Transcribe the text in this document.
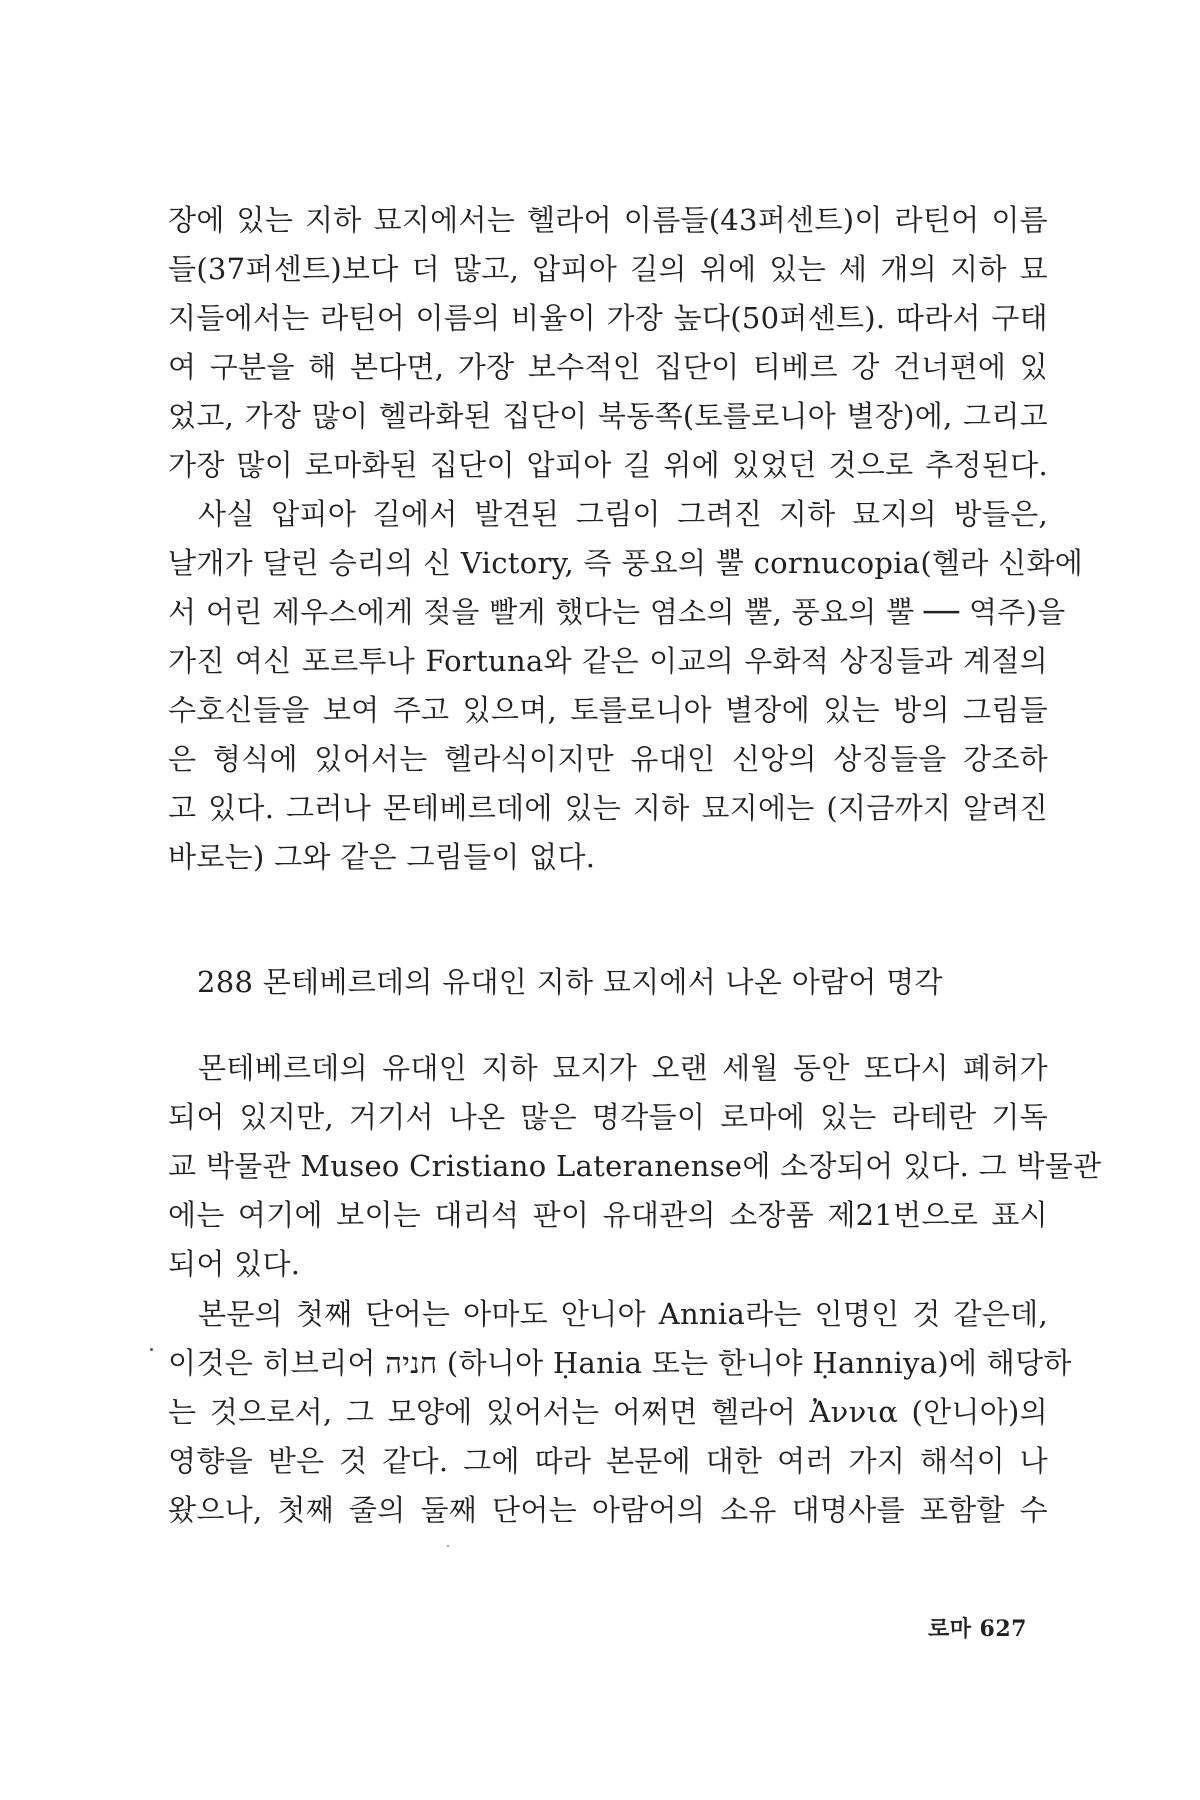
장에 있는 지하 묘지에서는 헬라어 이름들(43퍼센트)이 라틴어 이름
들(37퍼센트)보다 더 많고, 압피아 길의 위에 있는 세 개의 지하 묘
지들에서는 라틴어 이름의 비율이 가장 높다(50퍼센트). 따라서 구태
여 구분을 해 본다면, 가장 보수적인 집단이 티베르 강 건너편에 있
었고, 가장 많이 헬라화된 집단이 북동쪽(토를로니아 별장)에, 그리고
가장 많이 로마화된 집단이 압피아 길 위에 있었던 것으로 추정된다.
사실 압피아 길에서 발견된 그림이 그려진 지하 묘지의 방들은,
날개가 달린 승리의 신 Victory, 즉 풍요의 뿔 cornucopia(헬라 신화에
서 어린 제우스에게 젖을 빨게 했다는 염소의 뿔, 풍요의 뿔 ── 역주)을
가진 여신 포르투나 Fortuna와 같은 이교의 우화적 상징들과 계절의
수호신들을 보여 주고 있으며, 토를로니아 별장에 있는 방의 그림들
은 형식에 있어서는 헬라식이지만 유대인 신앙의 상징들을 강조하
고 있다. 그러나 몬테베르데에 있는 지하 묘지에는 (지금까지 알려진
바로는) 그와 같은 그림들이 없다.
288 몬테베르데의 유대인 지하 묘지에서 나온 아람어 명각
몬테베르데의 유대인 지하 묘지가 오랜 세월 동안 또다시 폐허가
되어 있지만, 거기서 나온 많은 명각들이 로마에 있는 라테란 기독
교 박물관 Museo Cristiano Lateranense에 소장되어 있다. 그 박물관
에는 여기에 보이는 대리석 판이 유대관의 소장품 제21번으로 표시
되어 있다.
본문의 첫째 단어는 아마도 안니아 Annia라는 인명인 것 같은데,
이것은 히브리어 חניה (하니아 Ḥania 또는 한니야 Ḥanniya)에 해당하
는 것으로서, 그 모양에 있어서는 어쩌면 헬라어 Ἀννια (안니아)의
영향을 받은 것 같다. 그에 따라 본문에 대한 여러 가지 해석이 나
왔으나, 첫째 줄의 둘째 단어는 아람어의 소유 대명사를 포함할 수
로마 627
